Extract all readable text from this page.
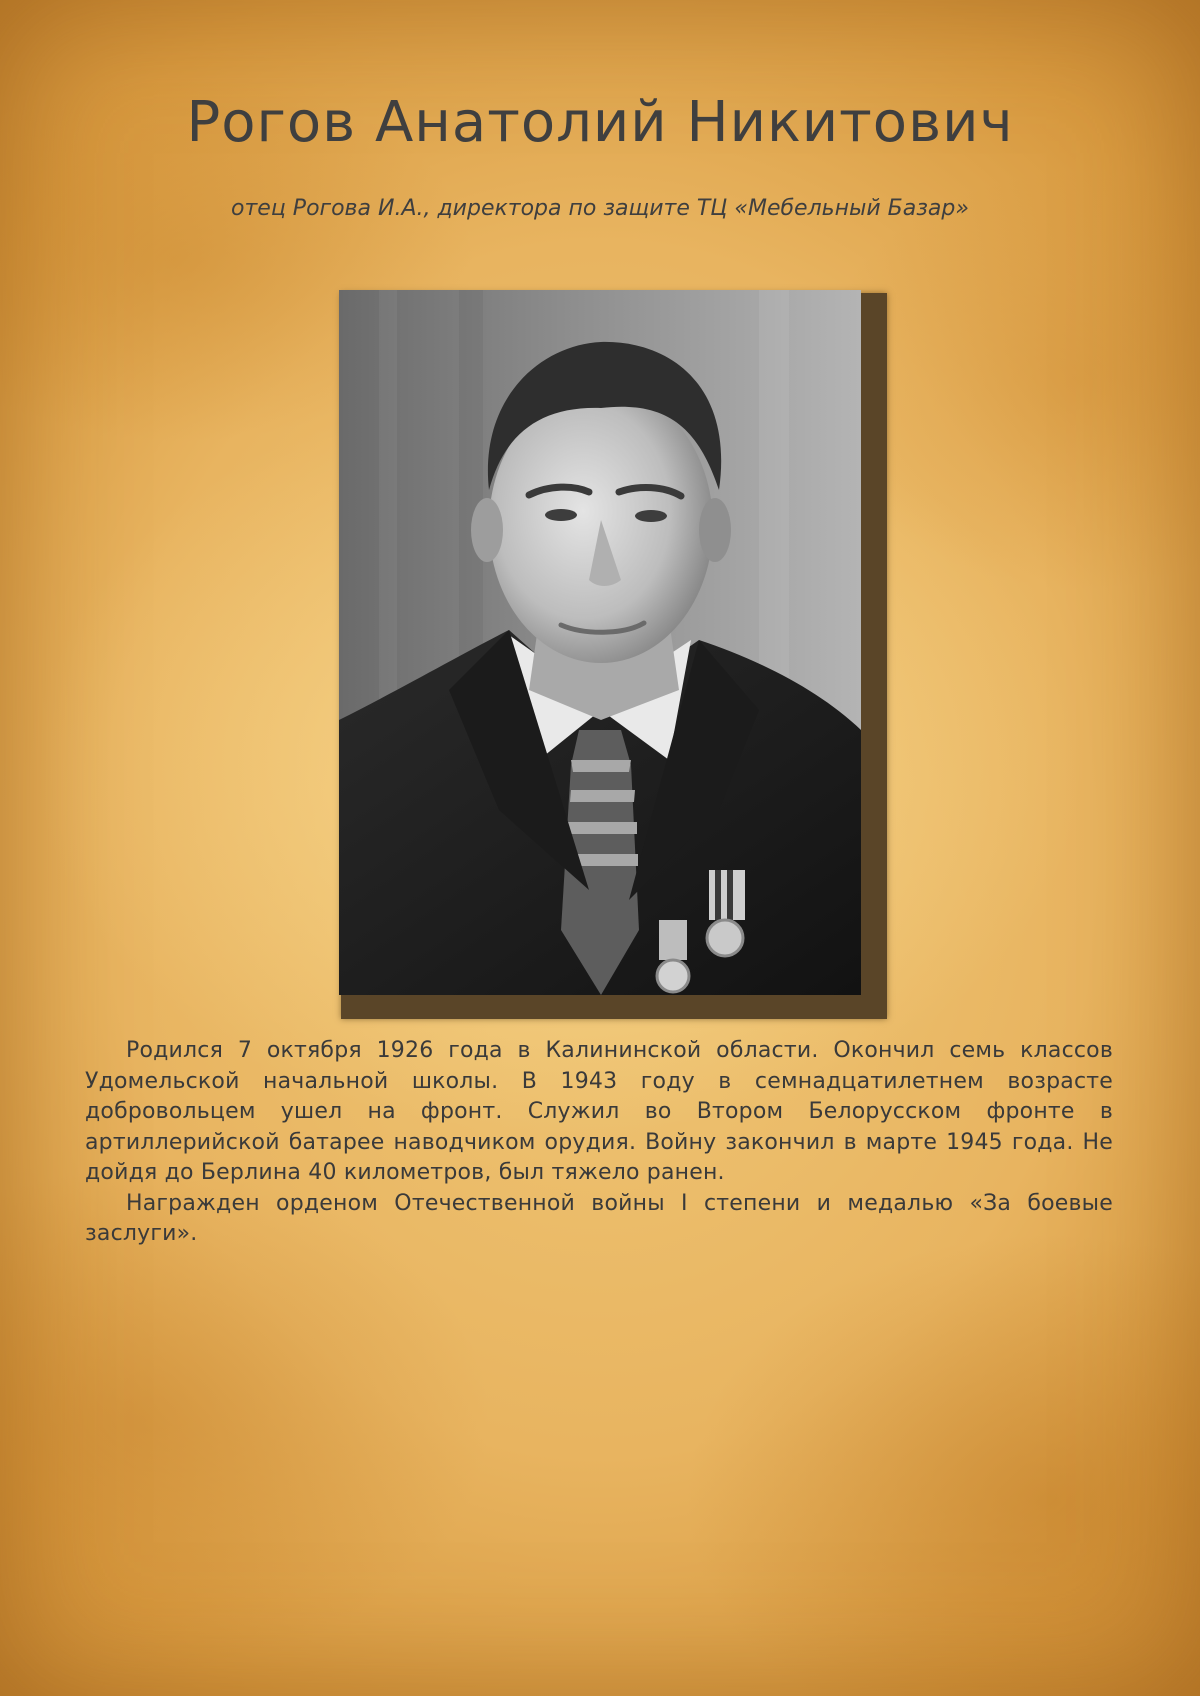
Рогов Анатолий Никитович

отец Рогова И.А., директора по защите ТЦ «Мебельный Базар»

Родился 7 октября 1926 года в Калининской области. Окончил семь классов Удомельской начальной школы. В 1943 году в семнадцатилетнем возрасте добровольцем ушел на фронт. Служил во Втором Белорусском фронте в артиллерийской батарее наводчиком орудия. Войну закончил в марте 1945 года. Не дойдя до Берлина 40 километров, был тяжело ранен.

Награжден орденом Отечественной войны I степени и медалью «За боевые заслуги».
